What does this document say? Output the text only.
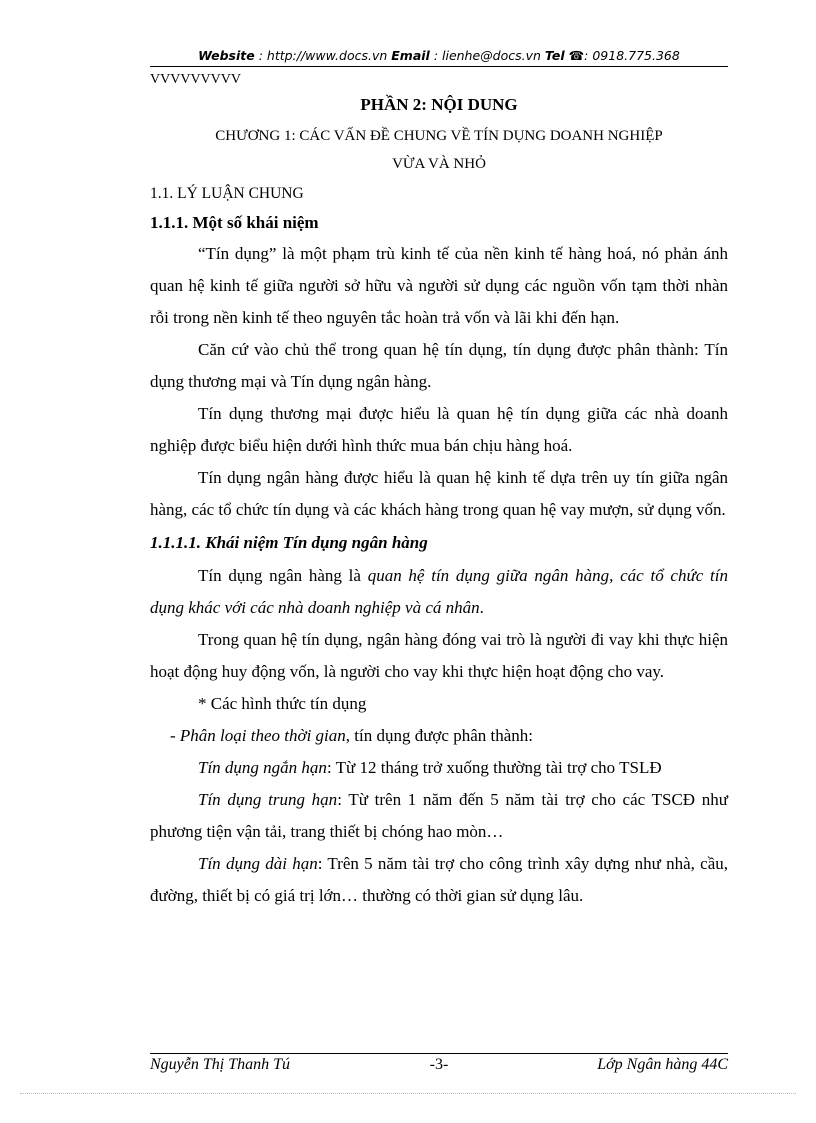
Website : http://www.docs.vn Email : lienhe@docs.vn Tel ☎: 0918.775.368
VVVVVVVVV
PHẦN 2: NỘI DUNG
CHƯƠNG 1: CÁC VẤN ĐỀ CHUNG VỀ TÍN DỤNG DOANH NGHIỆP
VỪA VÀ NHỎ
1.1. LÝ LUẬN CHUNG
1.1.1. Một số khái niệm

“Tín dụng” là một phạm trù kinh tế của nền kinh tế hàng hoá, nó phản ánh quan hệ kinh tế giữa người sở hữu và người sử dụng các nguồn vốn tạm thời nhàn rỗi trong nền kinh tế theo nguyên tắc hoàn trả vốn và lãi khi đến hạn.

Căn cứ vào chủ thể trong quan hệ tín dụng, tín dụng được phân thành: Tín dụng thương mại và Tín dụng ngân hàng.

Tín dụng thương mại được hiểu là quan hệ tín dụng giữa các nhà doanh nghiệp được biểu hiện dưới hình thức mua bán chịu hàng hoá.

Tín dụng ngân hàng được hiểu là quan hệ kinh tế dựa trên uy tín giữa ngân hàng, các tổ chức tín dụng và các khách hàng trong quan hệ vay mượn, sử dụng vốn.

1.1.1.1. Khái niệm Tín dụng ngân hàng

Tín dụng ngân hàng là quan hệ tín dụng giữa ngân hàng, các tổ chức tín dụng khác với các nhà doanh nghiệp và cá nhân.

Trong quan hệ tín dụng, ngân hàng đóng vai trò là người đi vay khi thực hiện hoạt động huy động vốn, là người cho vay khi thực hiện hoạt động cho vay.

* Các hình thức tín dụng

- Phân loại theo thời gian, tín dụng được phân thành:

Tín dụng ngắn hạn: Từ 12 tháng trở xuống thường tài trợ cho TSLĐ

Tín dụng trung hạn: Từ trên 1 năm đến 5 năm tài trợ cho các TSCĐ như phương tiện vận tải, trang thiết bị chóng hao mòn…

Tín dụng dài hạn: Trên 5 năm tài trợ cho công trình xây dựng như nhà, cầu, đường, thiết bị có giá trị lớn… thường có thời gian sử dụng lâu.

Nguyễn Thị Thanh Tú	-3-	Lớp Ngân hàng 44C
